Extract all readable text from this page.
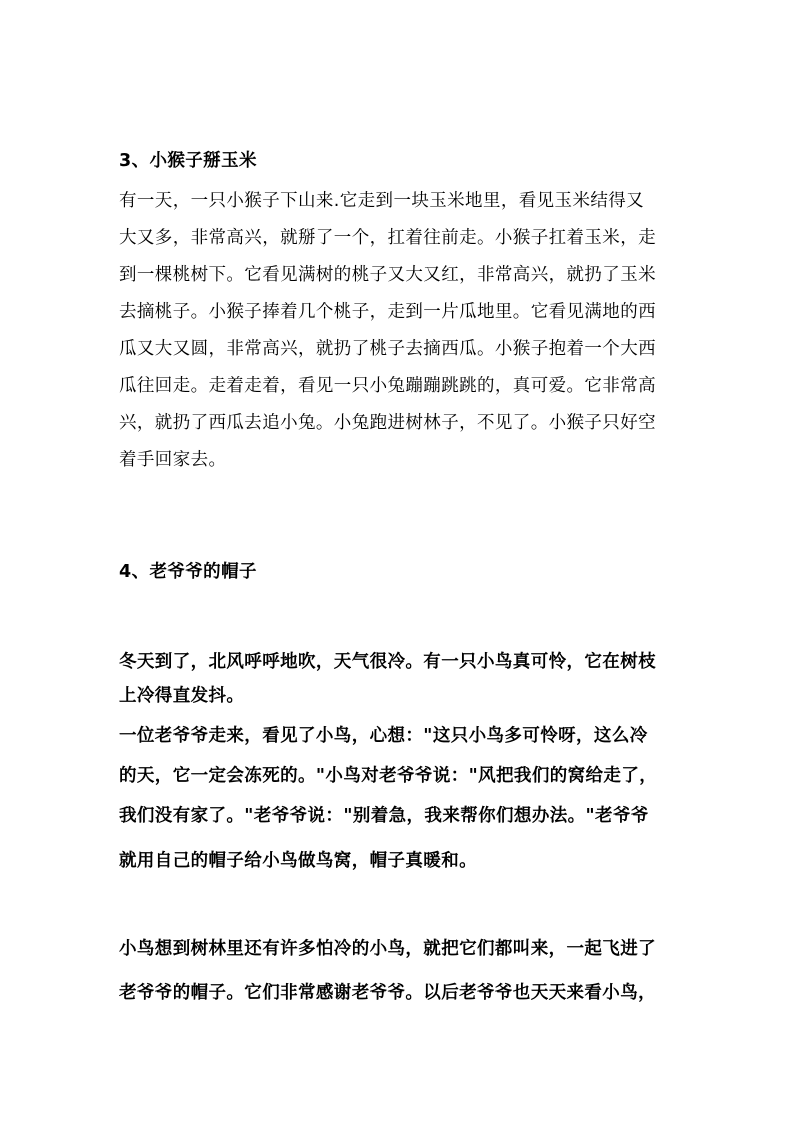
3、小猴子掰玉米
有一天，一只小猴子下山来.它走到一块玉米地里，看见玉米结得又
大又多，非常高兴，就掰了一个，扛着往前走。小猴子扛着玉米，走
到一棵桃树下。它看见满树的桃子又大又红，非常高兴，就扔了玉米
去摘桃子。小猴子捧着几个桃子，走到一片瓜地里。它看见满地的西
瓜又大又圆，非常高兴，就扔了桃子去摘西瓜。小猴子抱着一个大西
瓜往回走。走着走着，看见一只小兔蹦蹦跳跳的，真可爱。它非常高
兴，就扔了西瓜去追小兔。小兔跑进树林子，不见了。小猴子只好空
着手回家去。
4、老爷爷的帽子
冬天到了，北风呼呼地吹，天气很冷。有一只小鸟真可怜，它在树枝
上冷得直发抖。
一位老爷爷走来，看见了小鸟，心想："这只小鸟多可怜呀，这么冷
的天，它一定会冻死的。"小鸟对老爷爷说："风把我们的窝给走了，
我们没有家了。"老爷爷说："别着急，我来帮你们想办法。"老爷爷
就用自己的帽子给小鸟做鸟窝，帽子真暖和。
小鸟想到树林里还有许多怕冷的小鸟，就把它们都叫来，一起飞进了
老爷爷的帽子。它们非常感谢老爷爷。以后老爷爷也天天来看小鸟，
